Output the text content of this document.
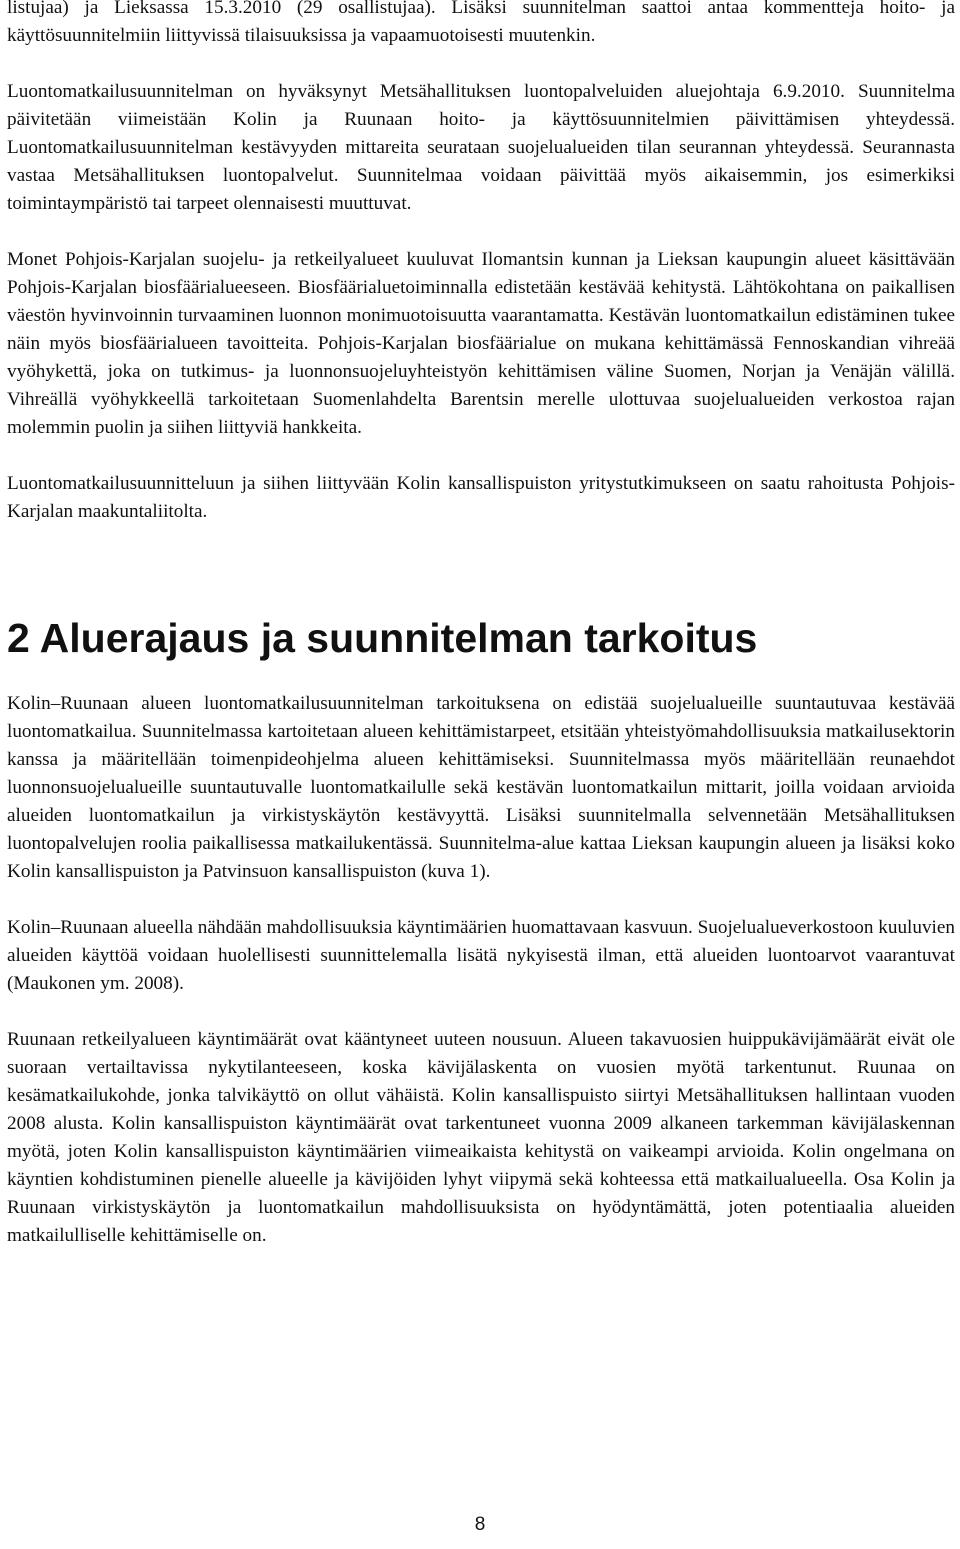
listujaa) ja Lieksassa 15.3.2010 (29 osallistujaa). Lisäksi suunnitelman saattoi antaa kommentteja hoito- ja käyttösuunnitelmiin liittyvissä tilaisuuksissa ja vapaamuotoisesti muutenkin.

Luontomatkailusuunnitelman on hyväksynyt Metsähallituksen luontopalveluiden aluejohtaja 6.9.2010. Suunnitelma päivitetään viimeistään Kolin ja Ruunaan hoito- ja käyttösuunnitelmien päivittämisen yhteydessä. Luontomatkailusuunnitelman kestävyyden mittareita seurataan suojelualueiden tilan seurannan yhteydessä. Seurannasta vastaa Metsähallituksen luontopalvelut. Suunnitelmaa voidaan päivittää myös aikaisemmin, jos esimerkiksi toimintaympäristö tai tarpeet olennaisesti muuttuvat.

Monet Pohjois-Karjalan suojelu- ja retkeilyalueet kuuluvat Ilomantsin kunnan ja Lieksan kaupungin alueet käsittävään Pohjois-Karjalan biosfäärialueeseen. Biosfäärialuetoiminnalla edistetään kestävää kehitystä. Lähtökohtana on paikallisen väestön hyvinvoinnin turvaaminen luonnon monimuotoisuutta vaarantamatta. Kestävän luontomatkailun edistäminen tukee näin myös biosfäärialueen tavoitteita. Pohjois-Karjalan biosfäärialue on mukana kehittämässä Fennoskandian vihreää vyöhykettä, joka on tutkimus- ja luonnonsuojeluyhteistyön kehittämisen väline Suomen, Norjan ja Venäjän välillä. Vihreällä vyöhykkeellä tarkoitetaan Suomenlahdelta Barentsin merelle ulottuvaa suojelualueiden verkostoa rajan molemmin puolin ja siihen liittyviä hankkeita.

Luontomatkailusuunnitteluun ja siihen liittyvään Kolin kansallispuiston yritystutkimukseen on saatu rahoitusta Pohjois-Karjalan maakuntaliitolta.

2 Aluerajaus ja suunnitelman tarkoitus

Kolin–Ruunaan alueen luontomatkailusuunnitelman tarkoituksena on edistää suojelualueille suuntautuvaa kestävää luontomatkailua. Suunnitelmassa kartoitetaan alueen kehittämistarpeet, etsitään yhteistyömahdollisuuksia matkailusektorin kanssa ja määritellään toimenpideohjelma alueen kehittämiseksi. Suunnitelmassa myös määritellään reunaehdot luonnonsuojelualueille suuntautuvalle luontomatkailulle sekä kestävän luontomatkailun mittarit, joilla voidaan arvioida alueiden luontomatkailun ja virkistyskäytön kestävyyttä. Lisäksi suunnitelmalla selvennetään Metsähallituksen luontopalvelujen roolia paikallisessa matkailukentässä. Suunnitelma-alue kattaa Lieksan kaupungin alueen ja lisäksi koko Kolin kansallispuiston ja Patvinsuon kansallispuiston (kuva 1).

Kolin–Ruunaan alueella nähdään mahdollisuuksia käyntimäärien huomattavaan kasvuun. Suojelualueverkostoon kuuluvien alueiden käyttöä voidaan huolellisesti suunnittelemalla lisätä nykyisestä ilman, että alueiden luontoarvot vaarantuvat (Maukonen ym. 2008).

Ruunaan retkeilyalueen käyntimäärät ovat kääntyneet uuteen nousuun. Alueen takavuosien huippukävijämäärät eivät ole suoraan vertailtavissa nykytilanteeseen, koska kävijälaskenta on vuosien myötä tarkentunut. Ruunaa on kesämatkailukohde, jonka talvikäyttö on ollut vähäistä. Kolin kansallispuisto siirtyi Metsähallituksen hallintaan vuoden 2008 alusta. Kolin kansallispuiston käyntimäärät ovat tarkentuneet vuonna 2009 alkaneen tarkemman kävijälaskennan myötä, joten Kolin kansallispuiston käyntimäärien viimeaikaista kehitystä on vaikeampi arvioida. Kolin ongelmana on käyntien kohdistuminen pienelle alueelle ja kävijöiden lyhyt viipymä sekä kohteessa että matkailualueella. Osa Kolin ja Ruunaan virkistyskäytön ja luontomatkailun mahdollisuuksista on hyödyntämättä, joten potentiaalia alueiden matkailulliselle kehittämiselle on.

8
